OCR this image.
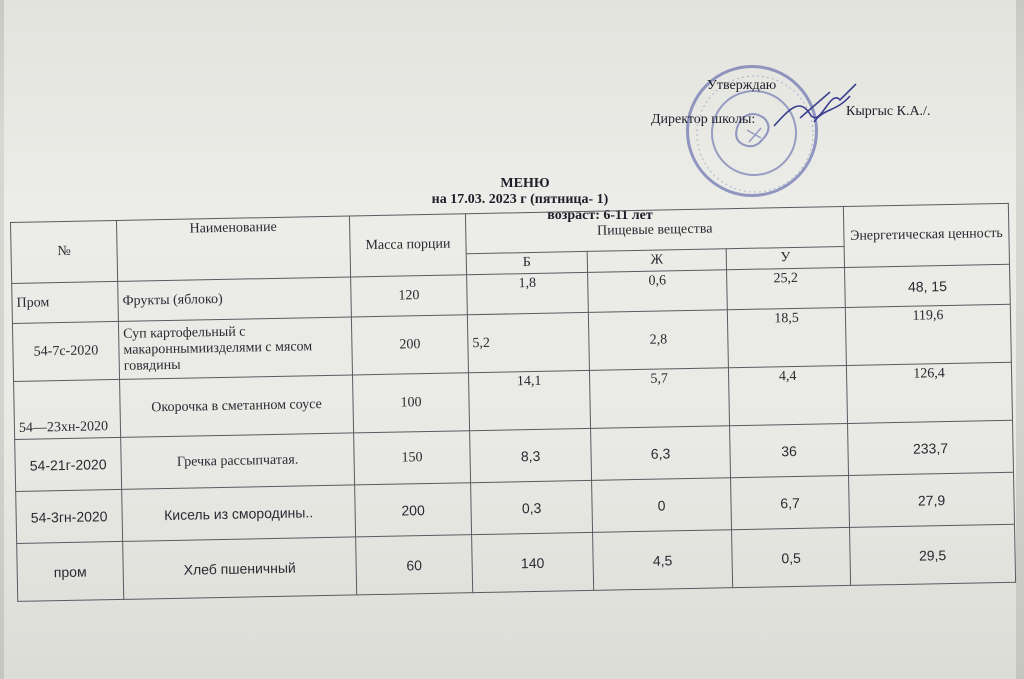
Утверждаю
Директор школы:
Кыргыс К.А./.
МЕНЮ
на 17.03. 2023 г (пятница- 1)
возраст: 6-11 лет
№	Наименование	Масса порции	Пищевые вещества			Энергетическая ценность
			Б	Ж	У	
Пром	Фрукты (яблоко)	120	1,8	0,6	25,2	48, 15
54-7с-2020	Суп картофельный с макароннымиизделями с мясом говядины	200	5,2	2,8	18,5	119,6
54—23хн-2020	Окорочка в сметанном соусе	100	14,1	5,7	4,4	126,4
54-21г-2020	Гречка рассыпчатая.	150	8,3	6,3	36	233,7
54-3гн-2020	Кисель из смородины..	200	0,3	0	6,7	27,9
пром	Хлеб пшеничный	60	140	4,5	0,5	29,5
